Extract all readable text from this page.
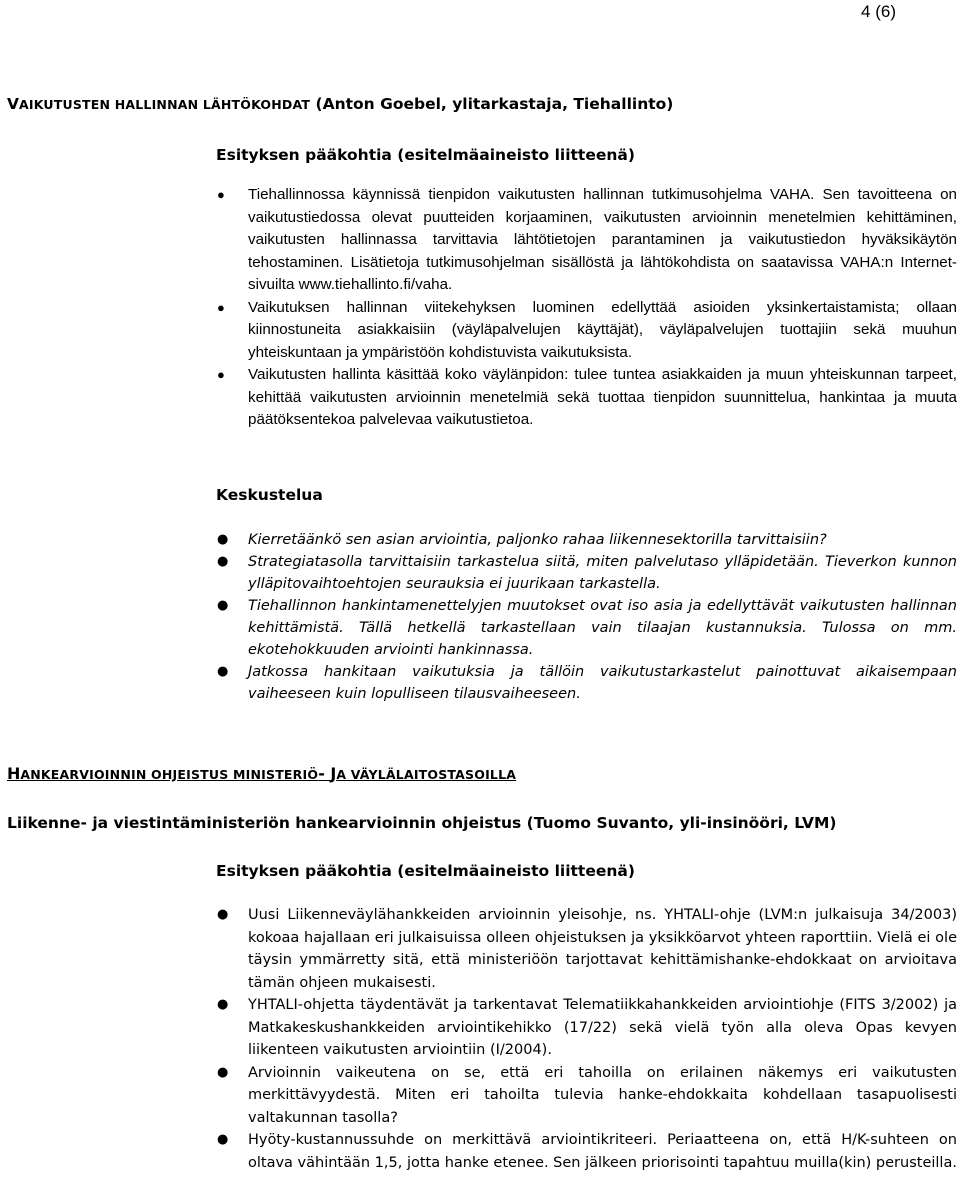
4 (6)
VAIKUTUSTEN HALLINNAN LÄHTÖKOHDAT (Anton Goebel, ylitarkastaja, Tiehallinto)
Esityksen pääkohtia (esitelmäaineisto liitteenä)
● Tiehallinnossa käynnissä tienpidon vaikutusten hallinnan tutkimusohjelma VAHA. Sen tavoitteena on vaikutustiedossa olevat puutteiden korjaaminen, vaikutusten arvioinnin menetelmien kehittäminen, vaikutusten hallinnassa tarvittavia lähtötietojen parantaminen ja vaikutustiedon hyväksikäytön tehostaminen. Lisätietoja tutkimusohjelman sisällöstä ja lähtökohdista on saatavissa VAHA:n Internet-sivuilta www.tiehallinto.fi/vaha.
● Vaikutuksen hallinnan viitekehyksen luominen edellyttää asioiden yksinkertaistamista; ollaan kiinnostuneita asiakkaisiin (väyläpalvelujen käyttäjät), väyläpalvelujen tuottajiin sekä muuhun yhteiskuntaan ja ympäristöön kohdistuvista vaikutuksista.
● Vaikutusten hallinta käsittää koko väylänpidon: tulee tuntea asiakkaiden ja muun yhteiskunnan tarpeet, kehittää vaikutusten arvioinnin menetelmiä sekä tuottaa tienpidon suunnittelua, hankintaa ja muuta päätöksentekoa palvelevaa vaikutustietoa.
Keskustelua
● Kierretäänkö sen asian arviointia, paljonko rahaa liikennesektorilla tarvittaisiin?
● Strategiatasolla tarvittaisiin tarkastelua siitä, miten palvelutaso ylläpidetään. Tieverkon kunnon ylläpitovaihtoehtojen seurauksia ei juurikaan tarkastella.
● Tiehallinnon hankintamenettelyjen muutokset ovat iso asia ja edellyttävät vaikutusten hallinnan kehittämistä. Tällä hetkellä tarkastellaan vain tilaajan kustannuksia. Tulossa on mm. ekotehokkuuden arviointi hankinnassa.
● Jatkossa hankitaan vaikutuksia ja tällöin vaikutustarkastelut painottuvat aikaisempaan vaiheeseen kuin lopulliseen tilausvaiheeseen.
HANKEARVIOINNIN OHJEISTUS MINISTERIÖ- JA VÄYLÄLAITOSTASOILLA
Liikenne- ja viestintäministeriön hankearvioinnin ohjeistus (Tuomo Suvanto, yli-insinööri, LVM)
Esityksen pääkohtia (esitelmäaineisto liitteenä)
● Uusi Liikenneväylähankkeiden arvioinnin yleisohje, ns. YHTALI-ohje (LVM:n julkaisuja 34/2003) kokoaa hajallaan eri julkaisuissa olleen ohjeistuksen ja yksikköarvot yhteen raporttiin. Vielä ei ole täysin ymmärretty sitä, että ministeriöön tarjottavat kehittämishanke-ehdokkaat on arvioitava tämän ohjeen mukaisesti.
● YHTALI-ohjetta täydentävät ja tarkentavat Telematiikkahankkeiden arviointiohje (FITS 3/2002) ja Matkakeskushankkeiden arviointikehikko (17/22) sekä vielä työn alla oleva Opas kevyen liikenteen vaikutusten arviointiin (I/2004).
● Arvioinnin vaikeutena on se, että eri tahoilla on erilainen näkemys eri vaikutusten merkittävyydestä. Miten eri tahoilta tulevia hanke-ehdokkaita kohdellaan tasapuolisesti valtakunnan tasolla?
● Hyöty-kustannussuhde on merkittävä arviointikriteeri. Periaatteena on, että H/K-suhteen on oltava vähintään 1,5, jotta hanke etenee. Sen jälkeen priorisointi tapahtuu muilla(kin) perusteilla.
